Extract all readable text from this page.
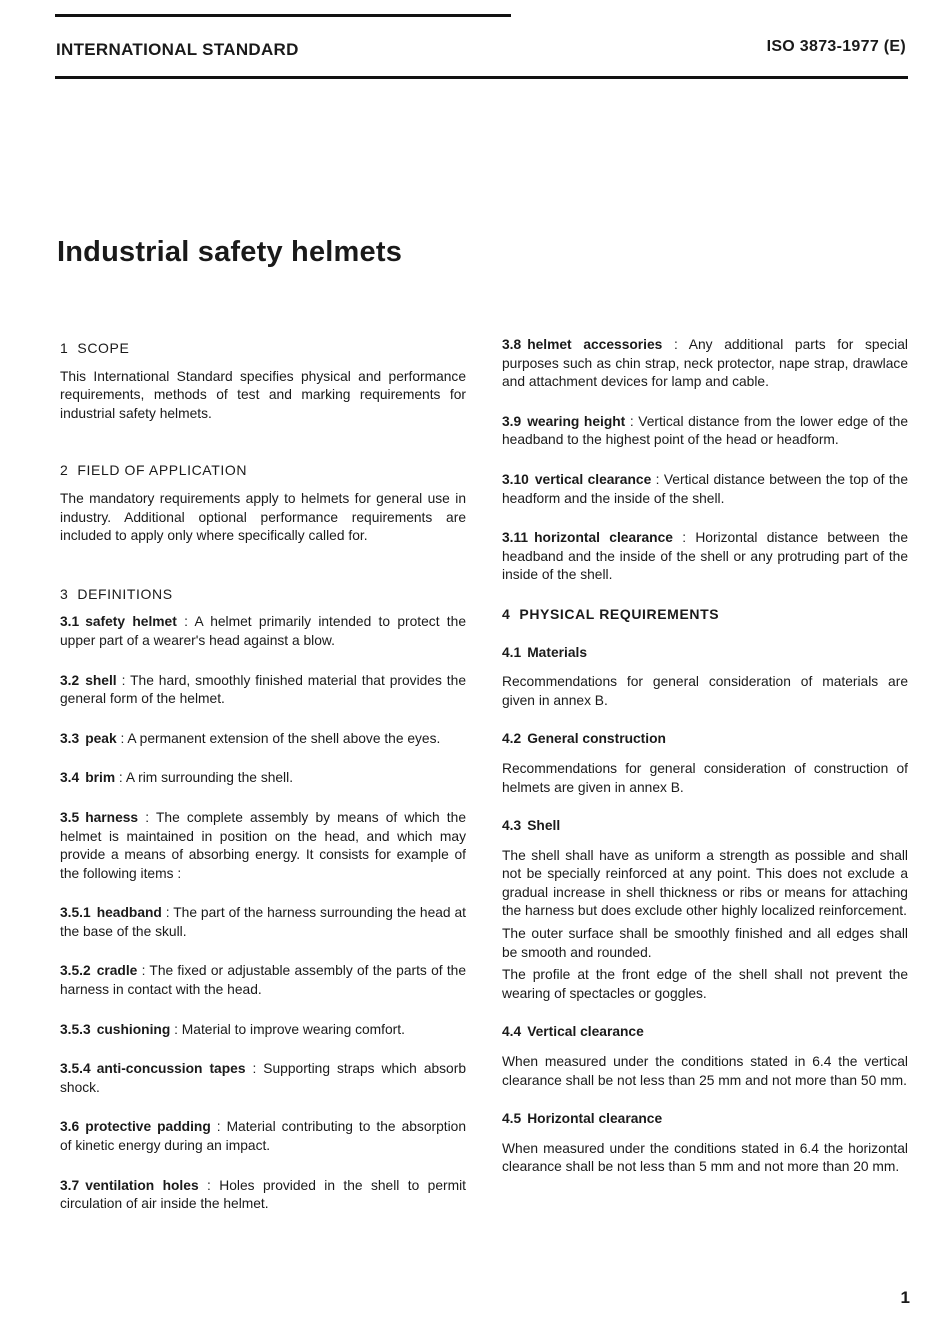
INTERNATIONAL STANDARD	ISO 3873-1977 (E)
Industrial safety helmets
1 SCOPE

This International Standard specifies physical and performance requirements, methods of test and marking requirements for industrial safety helmets.

2 FIELD OF APPLICATION

The mandatory requirements apply to helmets for general use in industry. Additional optional performance requirements are included to apply only where specifically called for.

3 DEFINITIONS

3.1 safety helmet : A helmet primarily intended to protect the upper part of a wearer's head against a blow.

3.2 shell : The hard, smoothly finished material that provides the general form of the helmet.

3.3 peak : A permanent extension of the shell above the eyes.

3.4 brim : A rim surrounding the shell.

3.5 harness : The complete assembly by means of which the helmet is maintained in position on the head, and which may provide a means of absorbing energy. It consists for example of the following items :

3.5.1 headband : The part of the harness surrounding the head at the base of the skull.

3.5.2 cradle : The fixed or adjustable assembly of the parts of the harness in contact with the head.

3.5.3 cushioning : Material to improve wearing comfort.

3.5.4 anti-concussion tapes : Supporting straps which absorb shock.

3.6 protective padding : Material contributing to the absorption of kinetic energy during an impact.

3.7 ventilation holes : Holes provided in the shell to permit circulation of air inside the helmet.

3.8 helmet accessories : Any additional parts for special purposes such as chin strap, neck protector, nape strap, drawlace and attachment devices for lamp and cable.

3.9 wearing height : Vertical distance from the lower edge of the headband to the highest point of the head or headform.

3.10 vertical clearance : Vertical distance between the top of the headform and the inside of the shell.

3.11 horizontal clearance : Horizontal distance between the headband and the inside of the shell or any protruding part of the inside of the shell.

4 PHYSICAL REQUIREMENTS
4.1 Materials

Recommendations for general consideration of materials are given in annex B.

4.2 General construction

Recommendations for general consideration of construction of helmets are given in annex B.

4.3 Shell

The shell shall have as uniform a strength as possible and shall not be specially reinforced at any point. This does not exclude a gradual increase in shell thickness or ribs or means for attaching the harness but does exclude other highly localized reinforcement.

The outer surface shall be smoothly finished and all edges shall be smooth and rounded.

The profile at the front edge of the shell shall not prevent the wearing of spectacles or goggles.

4.4 Vertical clearance

When measured under the conditions stated in 6.4 the vertical clearance shall be not less than 25 mm and not more than 50 mm.

4.5 Horizontal clearance

When measured under the conditions stated in 6.4 the horizontal clearance shall be not less than 5 mm and not more than 20 mm.

1
